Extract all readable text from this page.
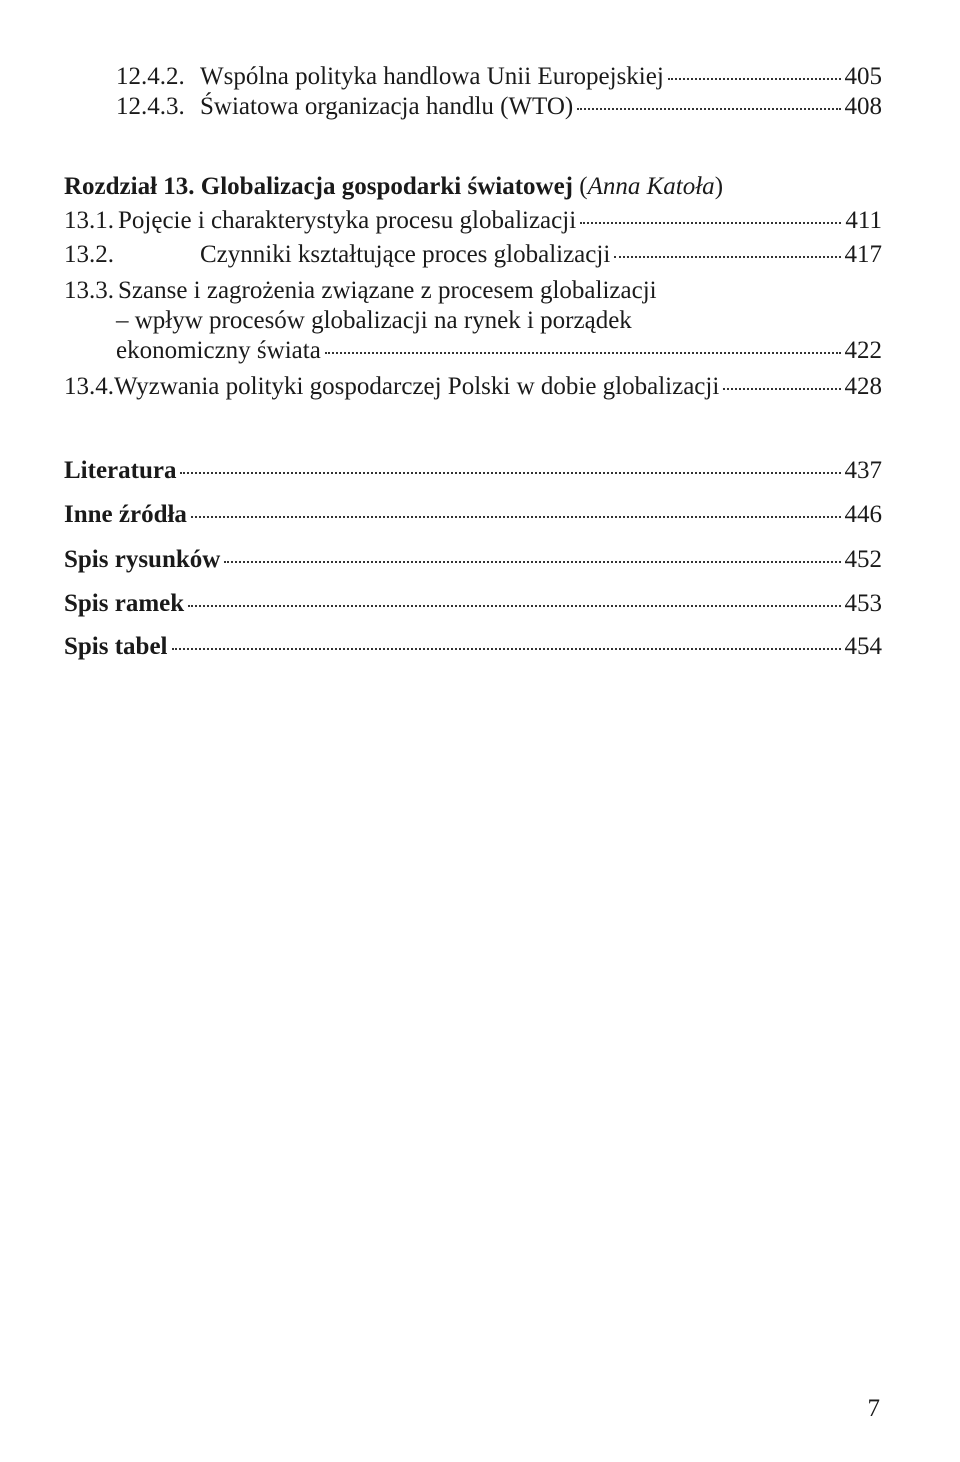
12.4.2. Wspólna polityka handlowa Unii Europejskiej	405
12.4.3. Światowa organizacja handlu (WTO)	408
Rozdział 13. Globalizacja gospodarki światowej (Anna Katoła)
13.1. Pojęcie i charakterystyka procesu globalizacji	411
13.2.	Czynniki kształtujące proces globalizacji	417
13.3. Szanse i zagrożenia związane z procesem globalizacji
– wpływ procesów globalizacji na rynek i porządek
ekonomiczny świata	422
13.4. Wyzwania polityki gospodarczej Polski w dobie globalizacji	428
Literatura	437
Inne źródła	446
Spis rysunków	452
Spis ramek	453
Spis tabel	454
7
